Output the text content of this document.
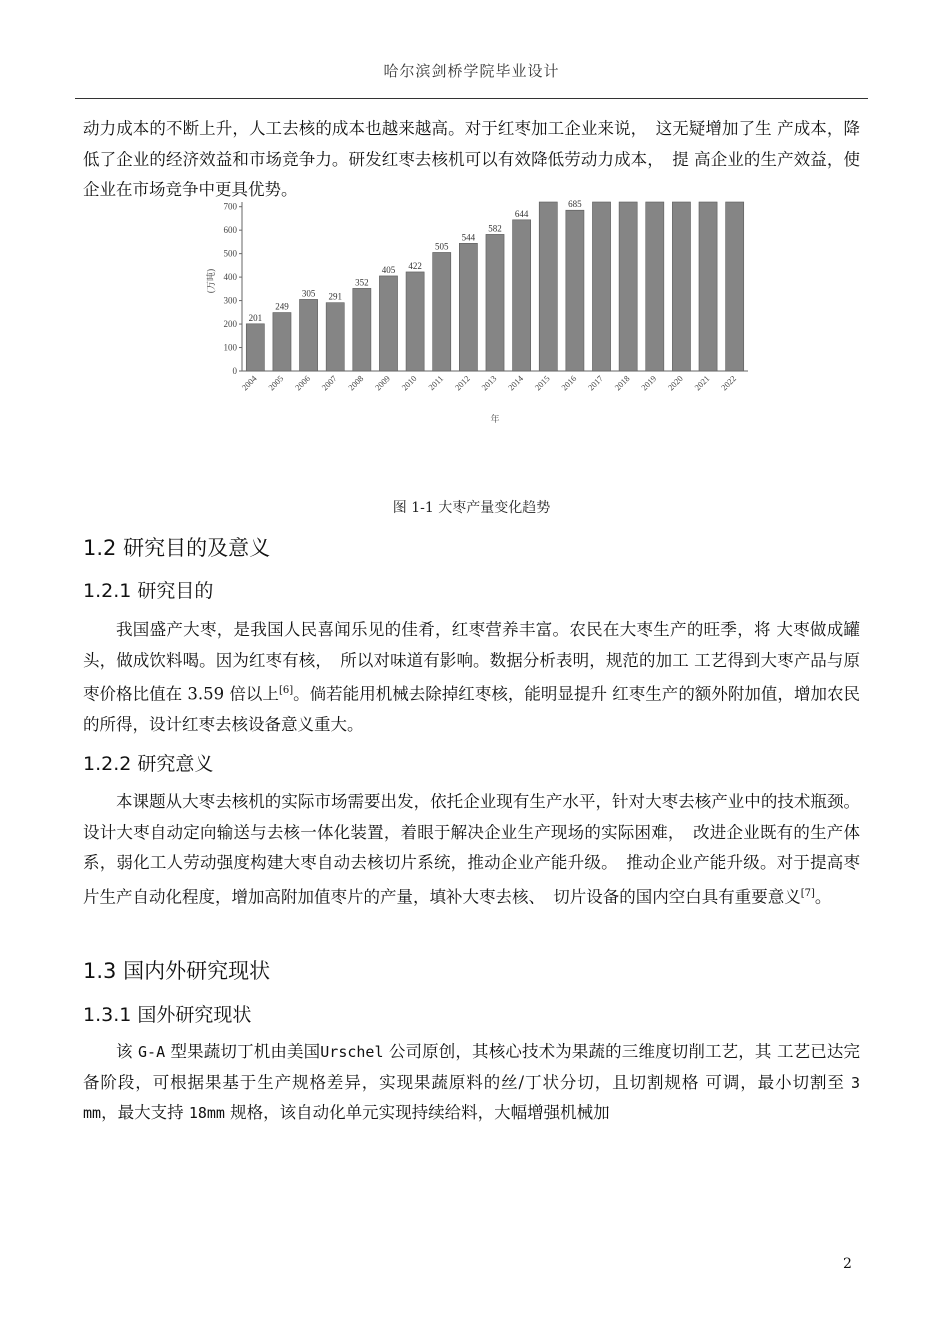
哈尔滨剑桥学院毕业设计

动力成本的不断上升，人工去核的成本也越来越高。对于红枣加工企业来说，　这无疑增加了生 产成本，降低了企业的经济效益和市场竞争力。研发红枣去核机可以有效降低劳动力成本，　提 高企业的生产效益，使企业在市场竞争中更具优势。

0
100
200
300
400
500
600
700
(万吨)
201
2004
249
2005
305
2006
291
2007
352
2008
405
2009
422
2010
505
2011
544
2012
582
2013
644
2014 2015
685
2016 2017 2018 2019 2020 2021 2022
年
图 1-1 大枣产量变化趋势
1.2 研究目的及意义
1.2.1 研究目的

我国盛产大枣，是我国人民喜闻乐见的佳肴，红枣营养丰富。农民在大枣生产的旺季，将 大枣做成罐头，做成饮料喝。因为红枣有核，　所以对味道有影响。数据分析表明，规范的加工 工艺得到大枣产品与原枣价格比值在 3.59 倍以上[6]。倘若能用机械去除掉红枣核，能明显提升 红枣生产的额外附加值，增加农民的所得，设计红枣去核设备意义重大。

1.2.2 研究意义

本课题从大枣去核机的实际市场需要出发，依托企业现有生产水平，针对大枣去核产业中的技术瓶颈。设计大枣自动定向输送与去核一体化装置，着眼于解决企业生产现场的实际困难，　改进企业既有的生产体系，弱化工人劳动强度构建大枣自动去核切片系统，推动企业产能升级。　推动企业产能升级。对于提高枣片生产自动化程度，增加高附加值枣片的产量，填补大枣去核、　切片设备的国内空白具有重要意义[7]。

1.3 国内外研究现状
1.3.1 国外研究现状

该 G-A 型果蔬切丁机由美国Urschel 公司原创，其核心技术为果蔬的三维度切削工艺，其 工艺已达完备阶段，可根据果基于生产规格差异，实现果蔬原料的丝/丁状分切，且切割规格 可调，最小切割至 3 mm，最大支持 18mm 规格，该自动化单元实现持续给料，大幅增强机械加

2
